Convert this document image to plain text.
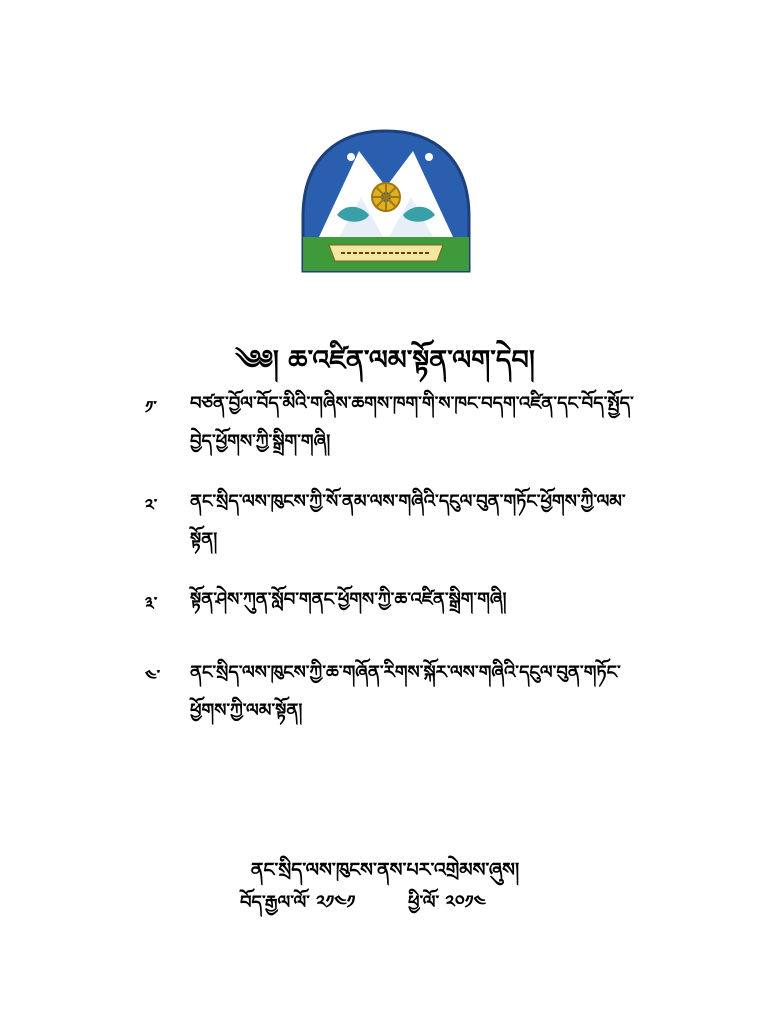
༄༅། ཆ་འཛིན་ལམ་སྟོན་ལག་དེབ།
༡་	བཙན་བྱོལ་བོད་མིའི་གཞིས་ཆགས་ཁག་གི་ས་ཁང་བདག་འཛིན་དང་བོད་སྤྱོད་བྱེད་ཕྱོགས་ཀྱི་སྒྲིག་གཞི།
༢་	ནང་སྲིད་ལས་ཁུངས་ཀྱི་སོ་ནམ་ལས་གཞིའི་དངུལ་བུན་གཏོང་ཕྱོགས་ཀྱི་ལམ་སྟོན།
༣་	སྟོན་ཤེས་ཀུན་སློབ་གནང་ཕྱོགས་ཀྱི་ཆ་འཛིན་སྒྲིག་གཞི།
༤་	ནང་སྲིད་ལས་ཁུངས་ཀྱི་ཆ་གཞོན་རིགས་སྐོར་ལས་གཞིའི་དངུལ་བུན་གཏོང་ཕྱོགས་ཀྱི་ལམ་སྟོན།
ནང་སྲིད་ལས་ཁུངས་ནས་པར་འགྲེམས་ཞུས།
བོད་རྒྱལ་ལོ་ ༢༡༤༡	ཕྱི་ལོ་ ༢༠༡༤
